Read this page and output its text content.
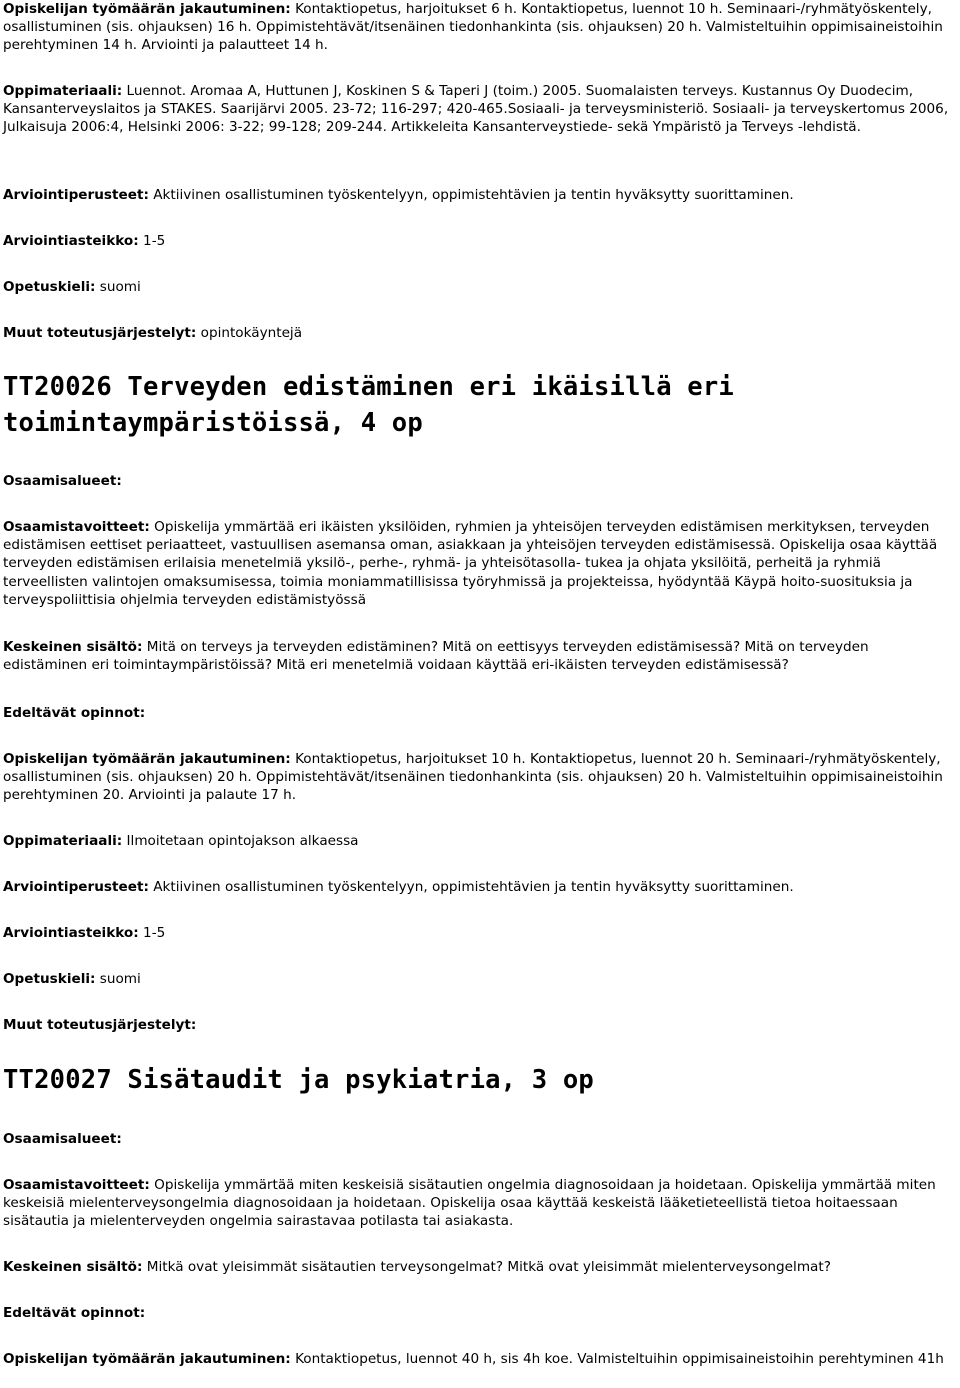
Opiskelijan työmäärän jakautuminen: Kontaktiopetus, harjoitukset 6 h. Kontaktiopetus, luennot 10 h. Seminaari-/ryhmätyöskentely, osallistuminen (sis. ohjauksen) 16 h. Oppimistehtävät/itsenäinen tiedonhankinta (sis. ohjauksen) 20 h. Valmisteltuihin oppimisaineistoihin perehtyminen 14 h. Arviointi ja palautteet 14 h.

Oppimateriaali: Luennot. Aromaa A, Huttunen J, Koskinen S & Taperi J (toim.) 2005. Suomalaisten terveys. Kustannus Oy Duodecim, Kansanterveyslaitos ja STAKES. Saarijärvi 2005. 23-72; 116-297; 420-465.Sosiaali- ja terveysministeriö. Sosiaali- ja terveyskertomus 2006, Julkaisuja 2006:4, Helsinki 2006: 3-22; 99-128; 209-244. Artikkeleita Kansanterveystiede- sekä Ympäristö ja Terveys -lehdistä.

Arviointiperusteet: Aktiivinen osallistuminen työskentelyyn, oppimistehtävien ja tentin hyväksytty suorittaminen.

Arviointiasteikko: 1-5

Opetuskieli: suomi

Muut toteutusjärjestelyt: opintokäyntejä

TT20026 Terveyden edistäminen eri ikäisillä eri toimintaympäristöissä, 4 op

Osaamisalueet:

Osaamistavoitteet: Opiskelija ymmärtää eri ikäisten yksilöiden, ryhmien ja yhteisöjen terveyden edistämisen merkityksen, terveyden edistämisen eettiset periaatteet, vastuullisen asemansa oman, asiakkaan ja yhteisöjen terveyden edistämisessä. Opiskelija osaa käyttää terveyden edistämisen erilaisia menetelmiä yksilö-, perhe-, ryhmä- ja yhteisötasolla- tukea ja ohjata yksilöitä, perheitä ja ryhmiä terveellisten valintojen omaksumisessa, toimia moniammatillisissa työryhmissä ja projekteissa, hyödyntää Käypä hoito-suosituksia ja terveyspoliittisia ohjelmia terveyden edistämistyössä

Keskeinen sisältö: Mitä on terveys ja terveyden edistäminen? Mitä on eettisyys terveyden edistämisessä? Mitä on terveyden edistäminen eri toimintaympäristöissä? Mitä eri menetelmiä voidaan käyttää eri-ikäisten terveyden edistämisessä?

Edeltävät opinnot:

Opiskelijan työmäärän jakautuminen: Kontaktiopetus, harjoitukset 10 h. Kontaktiopetus, luennot 20 h. Seminaari-/ryhmätyöskentely, osallistuminen (sis. ohjauksen) 20 h. Oppimistehtävät/itsenäinen tiedonhankinta (sis. ohjauksen) 20 h. Valmisteltuihin oppimisaineistoihin perehtyminen 20. Arviointi ja palaute 17 h.

Oppimateriaali: Ilmoitetaan opintojakson alkaessa

Arviointiperusteet: Aktiivinen osallistuminen työskentelyyn, oppimistehtävien ja tentin hyväksytty suorittaminen.

Arviointiasteikko: 1-5

Opetuskieli: suomi

Muut toteutusjärjestelyt:

TT20027 Sisätaudit ja psykiatria, 3 op

Osaamisalueet:

Osaamistavoitteet: Opiskelija ymmärtää miten keskeisiä sisätautien ongelmia diagnosoidaan ja hoidetaan. Opiskelija ymmärtää miten keskeisiä mielenterveysongelmia diagnosoidaan ja hoidetaan. Opiskelija osaa käyttää keskeistä lääketieteellistä tietoa hoitaessaan sisätautia ja mielenterveyden ongelmia sairastavaa potilasta tai asiakasta.

Keskeinen sisältö: Mitkä ovat yleisimmät sisätautien terveysongelmat? Mitkä ovat yleisimmät mielenterveysongelmat?

Edeltävät opinnot:

Opiskelijan työmäärän jakautuminen: Kontaktiopetus, luennot 40 h, sis 4h koe. Valmisteltuihin oppimisaineistoihin perehtyminen 41h
